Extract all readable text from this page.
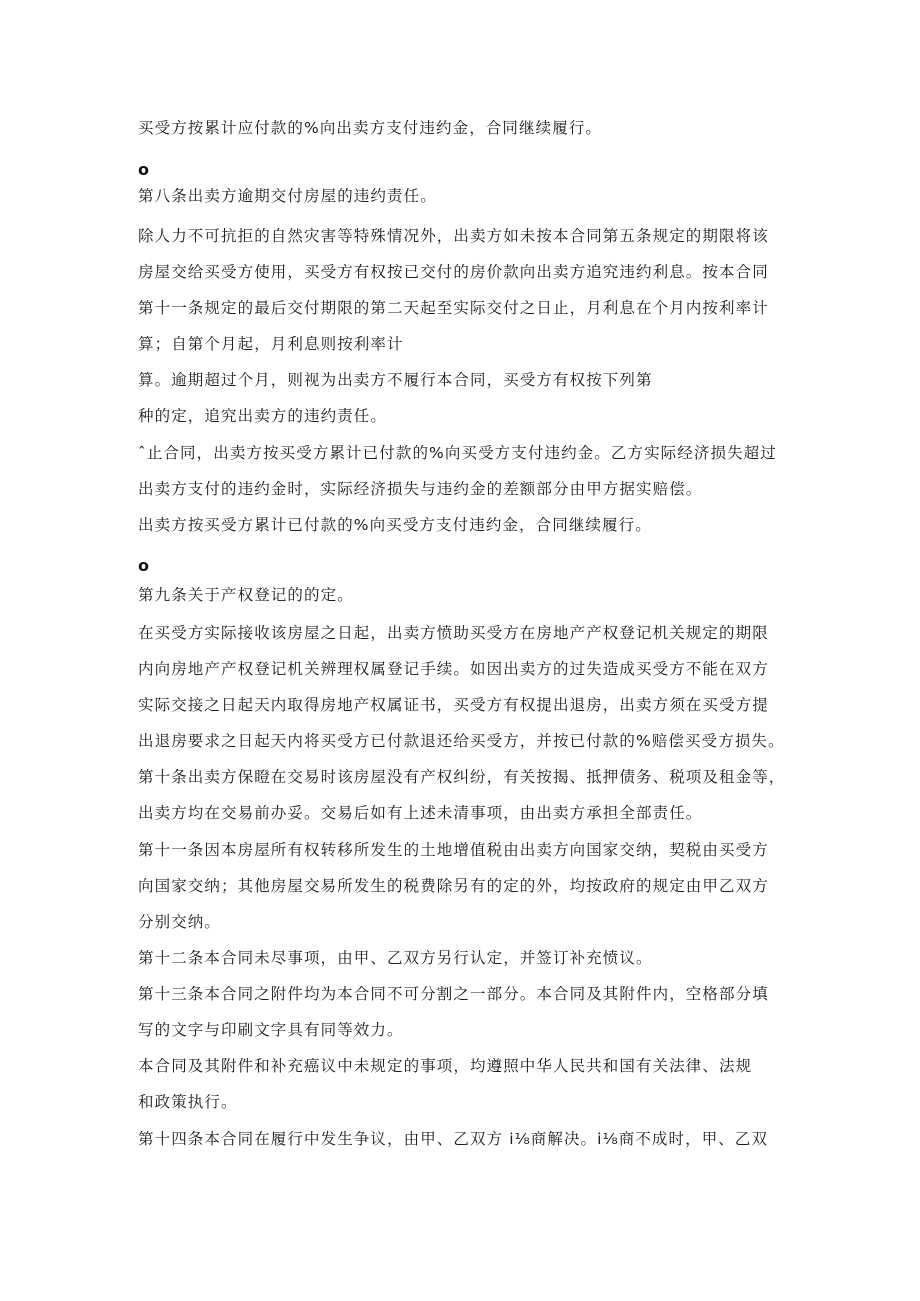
买受方按累计应付款的%向出卖方支付违约金，合同继续履行。
o
第八条出卖方逾期交付房屋的违约责任。
除人力不可抗拒的自然灾害等特殊情况外，出卖方如未按本合同第五条规定的期限将该
房屋交给买受方使用，买受方有权按已交付的房价款向出卖方追究违约利息。按本合同
第十一条规定的最后交付期限的第二天起至实际交付之日止，月利息在个月内按利率计
算；自第个月起，月利息则按利率计
算。逾期超过个月，则视为出卖方不履行本合同，买受方有权按下列第
种的定，追究出卖方的违约责任。
ˆ止合同，出卖方按买受方累计已付款的%向买受方支付违约金。乙方实际经济损失超过
出卖方支付的违约金时，实际经济损失与违约金的差额部分由甲方据实赔偿。
出卖方按买受方累计已付款的%向买受方支付违约金，合同继续履行。
o
第九条关于产权登记的的定。
在买受方实际接收该房屋之日起，出卖方愤助买受方在房地产产权登记机关规定的期限
内向房地产产权登记机关辨理权属登记手续。如因出卖方的过失造成买受方不能在双方
实际交接之日起天内取得房地产权属证书，买受方有权提出退房，出卖方须在买受方提
出退房要求之日起天内将买受方已付款退还给买受方，并按已付款的%赔偿买受方损失。
第十条出卖方保瞪在交易时该房屋没有产权纠纷，有关按揭、抵押债务、税项及租金等，
出卖方均在交易前办妥。交易后如有上述未清事项，由出卖方承担全部责任。
第十一条因本房屋所有权转移所发生的土地增值税由出卖方向国家交纳，契税由买受方
向国家交纳；其他房屋交易所发生的税费除另有的定的外，均按政府的规定由甲乙双方
分别交纳。
第十二条本合同未尽事项，由甲、乙双方另行认定，并签订补充愤议。
第十三条本合同之附件均为本合同不可分割之一部分。本合同及其附件内，空格部分填
写的文字与印刷文字具有同等效力。
本合同及其附件和补充癌议中未规定的事项，均遵照中华人民共和国有关法律、法规
和政策执行。
第十四条本合同在履行中发生争议，由甲、乙双方 i⅛商解决。i⅛商不成时，甲、乙双
